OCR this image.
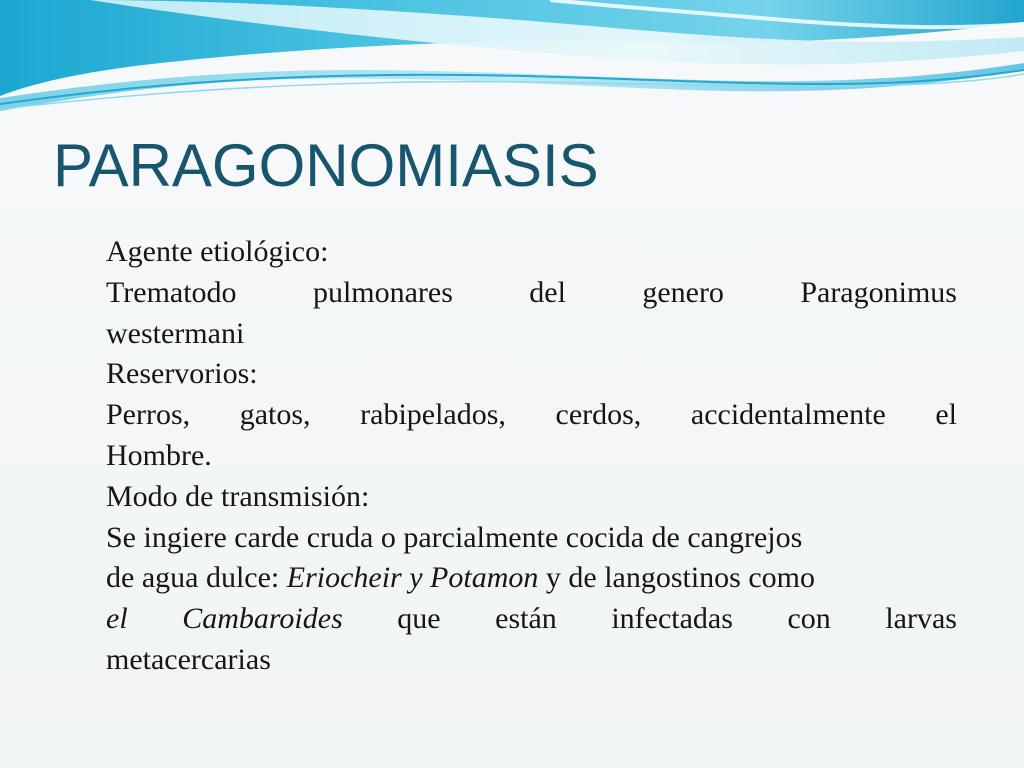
PARAGONOMIASIS
Agente etiológico:
Trematodo	pulmonares	del	genero	Paragonimus
westermani
Reservorios:
Perros, gatos, rabipelados, cerdos, accidentalmente el
Hombre.
Modo de transmisión:
Se ingiere carde cruda o parcialmente cocida de cangrejos
de agua dulce: Eriocheir y Potamon y de langostinos como
el Cambaroides que están infectadas con larvas
metacercarias
